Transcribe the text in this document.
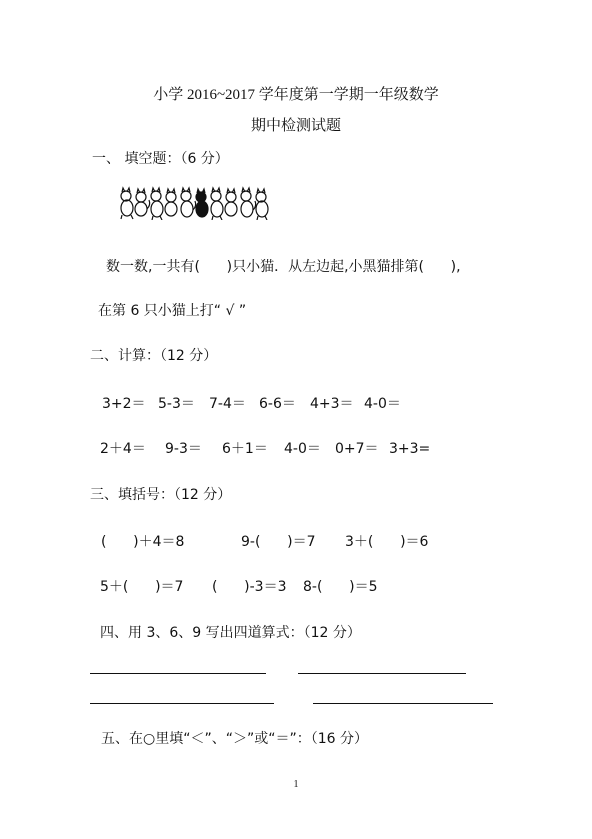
小学 2016~2017 学年度第一学期一年级数学
期中检测试题
一、 填空题：（6 分）
数一数,一共有(      )只小猫．从左边起,小黑猫排第(      ),
在第 6 只小猫上打“ √ ”
二、计算：（12 分）
3+2＝ 5-3＝ 7-4＝ 6-6＝ 4+3＝ 4-0＝
2＋4＝ 9-3＝ 6＋1＝ 4-0＝ 0+7＝ 3+3=
三、填括号：（12 分）
(      )＋4＝8	9-(      )＝7 3＋(      )＝6
5＋(      )＝7 (      )-3＝3 8-(      )＝5
四、用 3、6、9 写出四道算式：（12 分）
五、在○里填“＜”、“＞”或“＝”：（16 分）
1
